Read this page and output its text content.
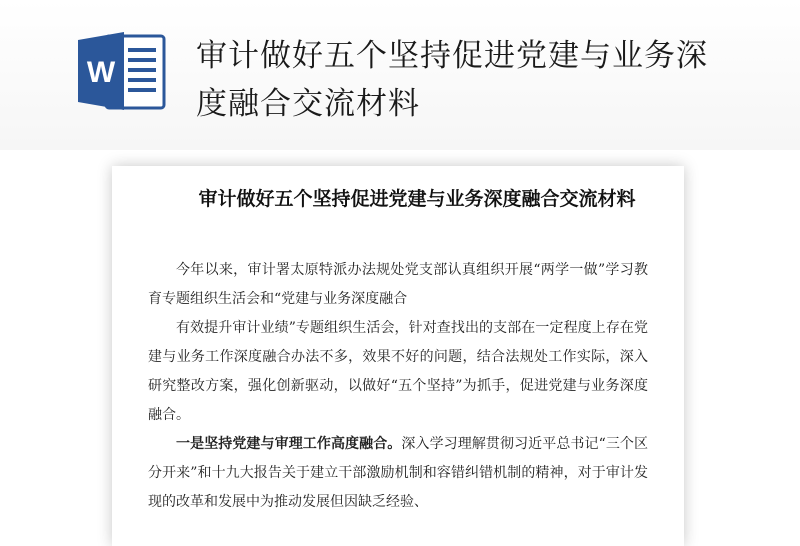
W	审计做好五个坚持促进党建与业务深度融合交流材料
审计做好五个坚持促进党建与业务深度融合交流材料

今年以来，审计署太原特派办法规处党支部认真组织开展“两学一做”学习教育专题组织生活会和“党建与业务深度融合

有效提升审计业绩”专题组织生活会，针对查找出的支部在一定程度上存在党建与业务工作深度融合办法不多，效果不好的问题，结合法规处工作实际，深入研究整改方案，强化创新驱动，以做好“五个坚持”为抓手，促进党建与业务深度融合。

一是坚持党建与审理工作高度融合。深入学习理解贯彻习近平总书记“三个区分开来”和十九大报告关于建立干部激励机制和容错纠错机制的精神，对于审计发现的改革和发展中为推动发展但因缺乏经验、
